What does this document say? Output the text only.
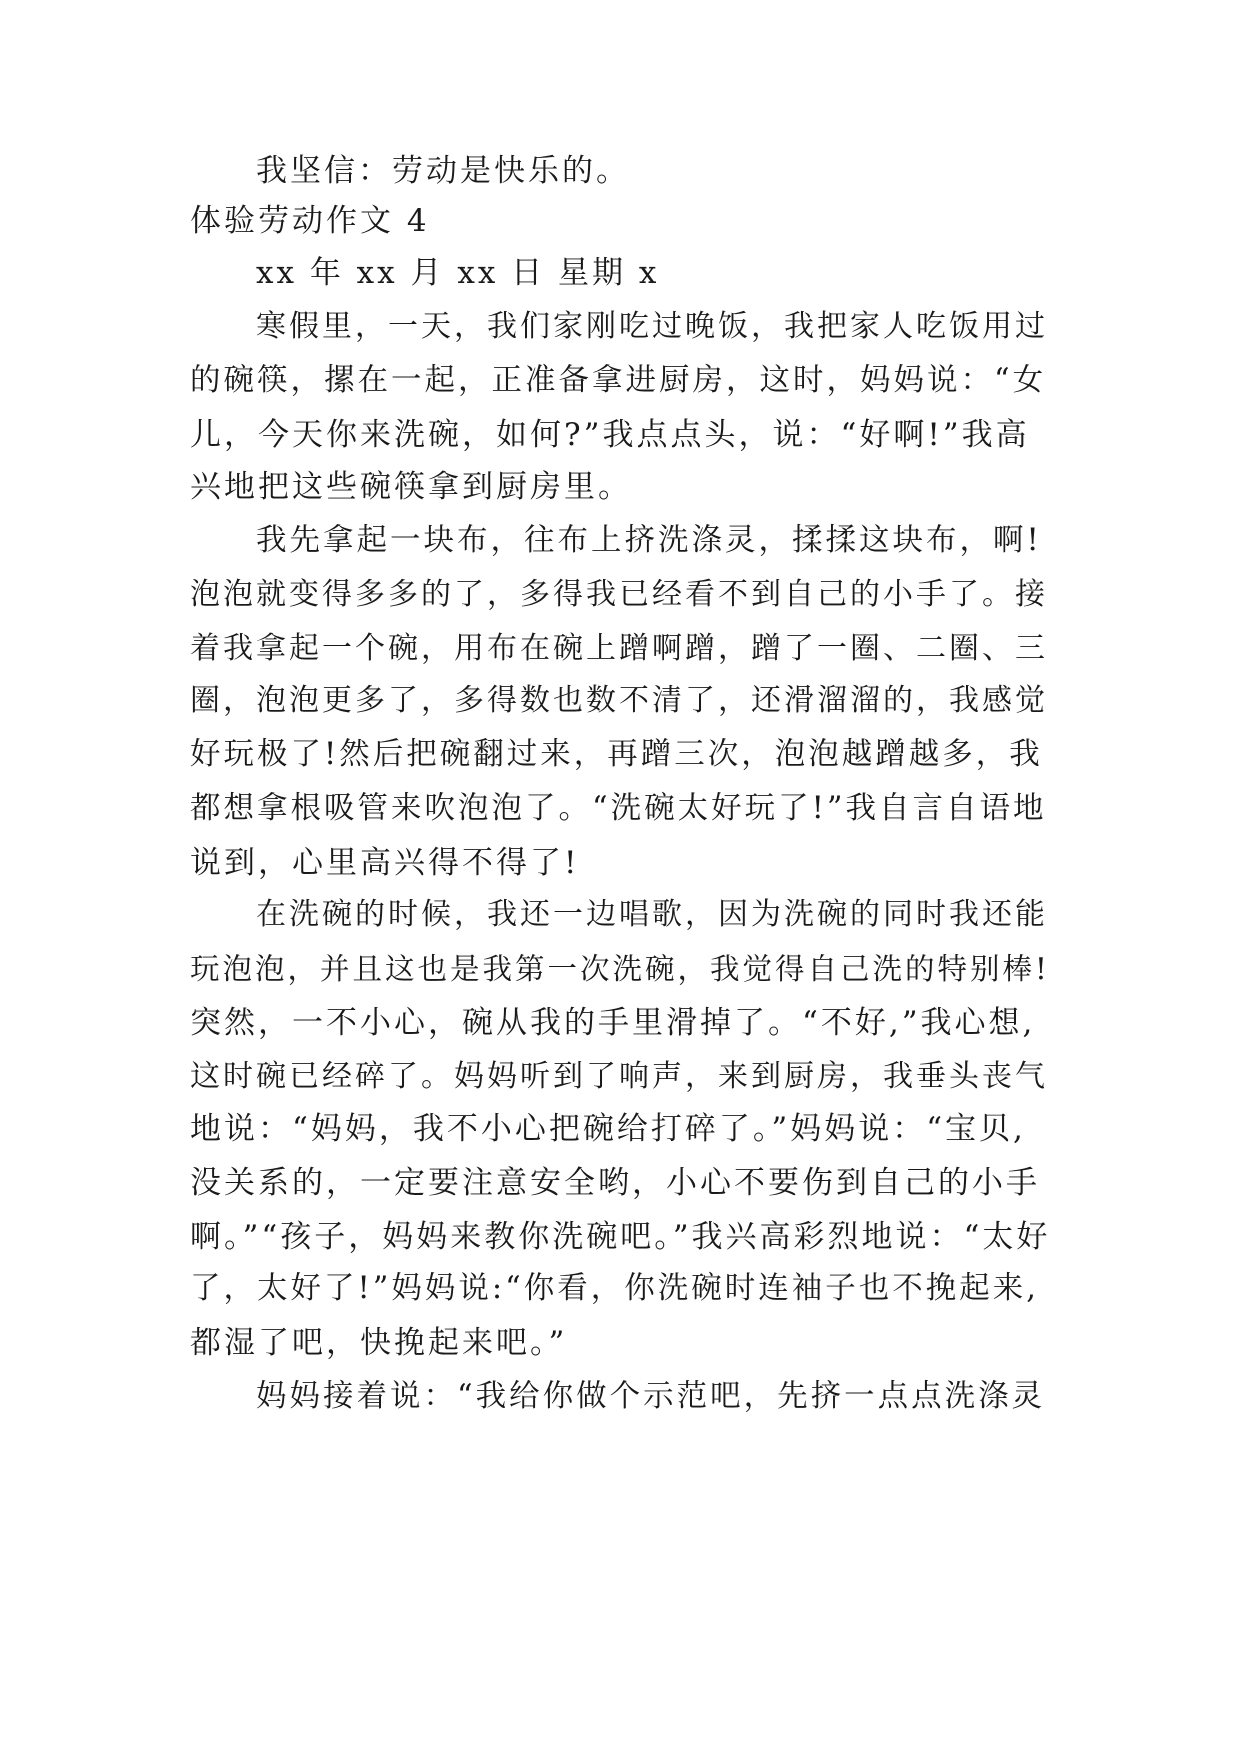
我坚信：劳动是快乐的。
体验劳动作文 4
xx 年 xx 月 xx 日 星期 x
寒假里，一天，我们家刚吃过晚饭，我把家人吃饭用过
的碗筷，摞在一起，正准备拿进厨房，这时，妈妈说：“女
儿，今天你来洗碗，如何?”我点点头，说：“好啊!”我高
兴地把这些碗筷拿到厨房里。
我先拿起一块布，往布上挤洗涤灵，揉揉这块布，啊!
泡泡就变得多多的了，多得我已经看不到自己的小手了。接
着我拿起一个碗，用布在碗上蹭啊蹭，蹭了一圈、二圈、三
圈，泡泡更多了，多得数也数不清了，还滑溜溜的，我感觉
好玩极了!然后把碗翻过来，再蹭三次，泡泡越蹭越多，我
都想拿根吸管来吹泡泡了。“洗碗太好玩了!”我自言自语地
说到，心里高兴得不得了!
在洗碗的时候，我还一边唱歌，因为洗碗的同时我还能
玩泡泡，并且这也是我第一次洗碗，我觉得自己洗的特别棒!
突然，一不小心，碗从我的手里滑掉了。“不好,”我心想,
这时碗已经碎了。妈妈听到了响声，来到厨房，我垂头丧气
地说：“妈妈，我不小心把碗给打碎了。”妈妈说：“宝贝,
没关系的，一定要注意安全哟，小心不要伤到自己的小手
啊。”“孩子，妈妈来教你洗碗吧。”我兴高彩烈地说：“太好
了，太好了!”妈妈说:“你看，你洗碗时连袖子也不挽起来,
都湿了吧，快挽起来吧。”
妈妈接着说：“我给你做个示范吧，先挤一点点洗涤灵
